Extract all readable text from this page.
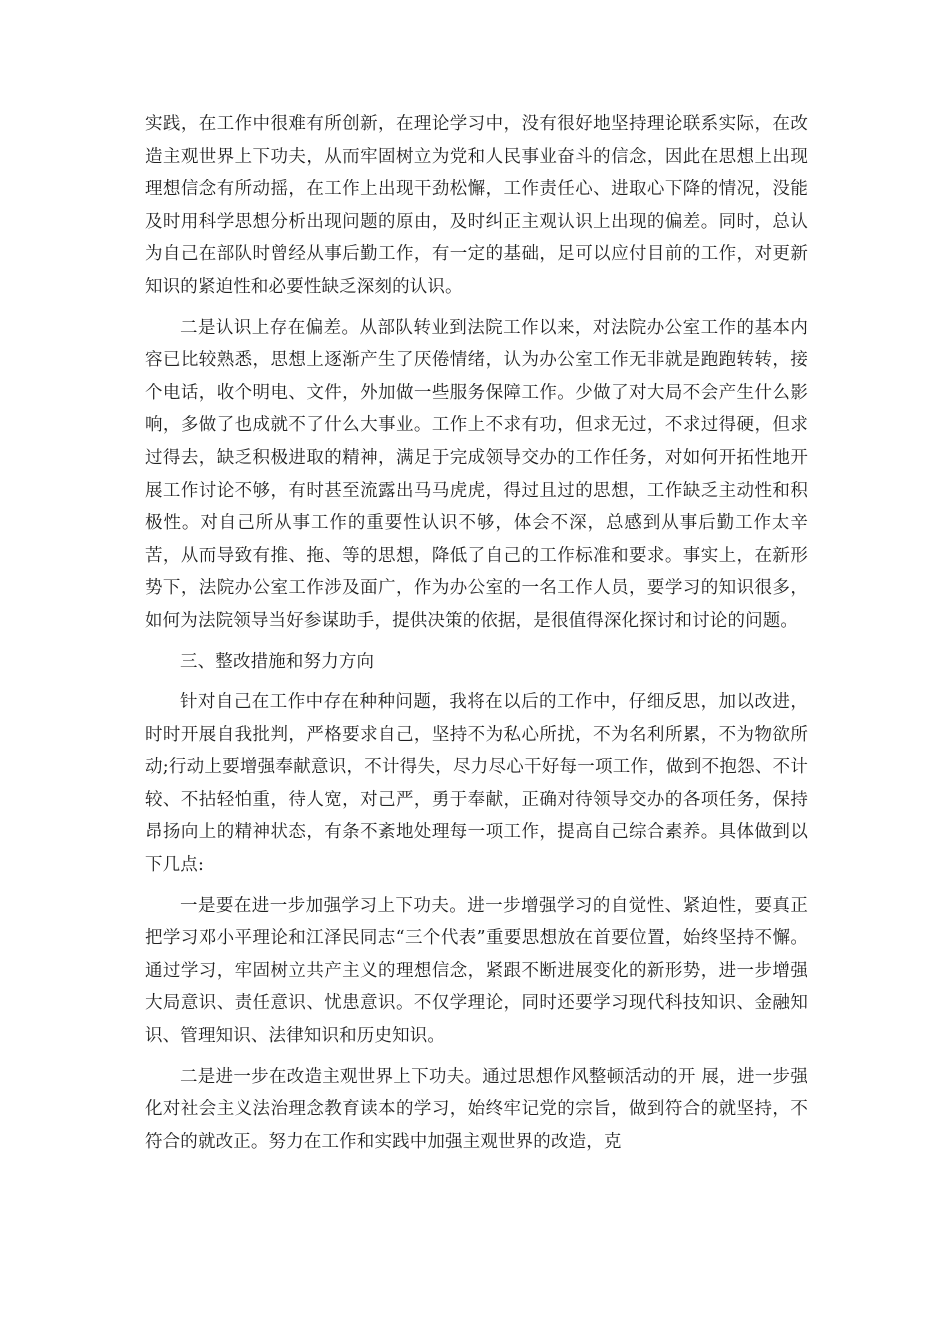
实践，在工作中很难有所创新，在理论学习中，没有很好地坚持理论联系实际，在改造主观世界上下功夫，从而牢固树立为党和人民事业奋斗的信念，因此在思想上出现理想信念有所动摇，在工作上出现干劲松懈，工作责任心、进取心下降的情况，没能及时用科学思想分析出现问题的原由，及时纠正主观认识上出现的偏差。同时，总认为自己在部队时曾经从事后勤工作，有一定的基础，足可以应付目前的工作，对更新知识的紧迫性和必要性缺乏深刻的认识。

二是认识上存在偏差。从部队转业到法院工作以来，对法院办公室工作的基本内容已比较熟悉，思想上逐渐产生了厌倦情绪，认为办公室工作无非就是跑跑转转，接个电话，收个明电、文件，外加做一些服务保障工作。少做了对大局不会产生什么影响，多做了也成就不了什么大事业。工作上不求有功，但求无过，不求过得硬，但求过得去，缺乏积极进取的精神，满足于完成领导交办的工作任务，对如何开拓性地开展工作讨论不够，有时甚至流露出马马虎虎，得过且过的思想，工作缺乏主动性和积极性。对自己所从事工作的重要性认识不够，体会不深，总感到从事后勤工作太辛苦，从而导致有推、拖、等的思想，降低了自己的工作标准和要求。事实上，在新形势下，法院办公室工作涉及面广，作为办公室的一名工作人员，要学习的知识很多，如何为法院领导当好参谋助手，提供决策的依据，是很值得深化探讨和讨论的问题。

三、整改措施和努力方向

针对自己在工作中存在种种问题，我将在以后的工作中，仔细反思，加以改进，时时开展自我批判，严格要求自己，坚持不为私心所扰，不为名利所累，不为物欲所动;行动上要增强奉献意识，不计得失，尽力尽心干好每一项工作，做到不抱怨、不计较、不拈轻怕重，待人宽，对己严，勇于奉献，正确对待领导交办的各项任务，保持昂扬向上的精神状态，有条不紊地处理每一项工作，提高自己综合素养。具体做到以下几点:

一是要在进一步加强学习上下功夫。进一步增强学习的自觉性、紧迫性，要真正把学习邓小平理论和江泽民同志“三个代表”重要思想放在首要位置，始终坚持不懈。通过学习，牢固树立共产主义的理想信念，紧跟不断进展变化的新形势，进一步增强大局意识、责任意识、忧患意识。不仅学理论，同时还要学习现代科技知识、金融知识、管理知识、法律知识和历史知识。

二是进一步在改造主观世界上下功夫。通过思想作风整顿活动的开 展，进一步强化对社会主义法治理念教育读本的学习，始终牢记党的宗旨，做到符合的就坚持，不符合的就改正。努力在工作和实践中加强主观世界的改造，克
